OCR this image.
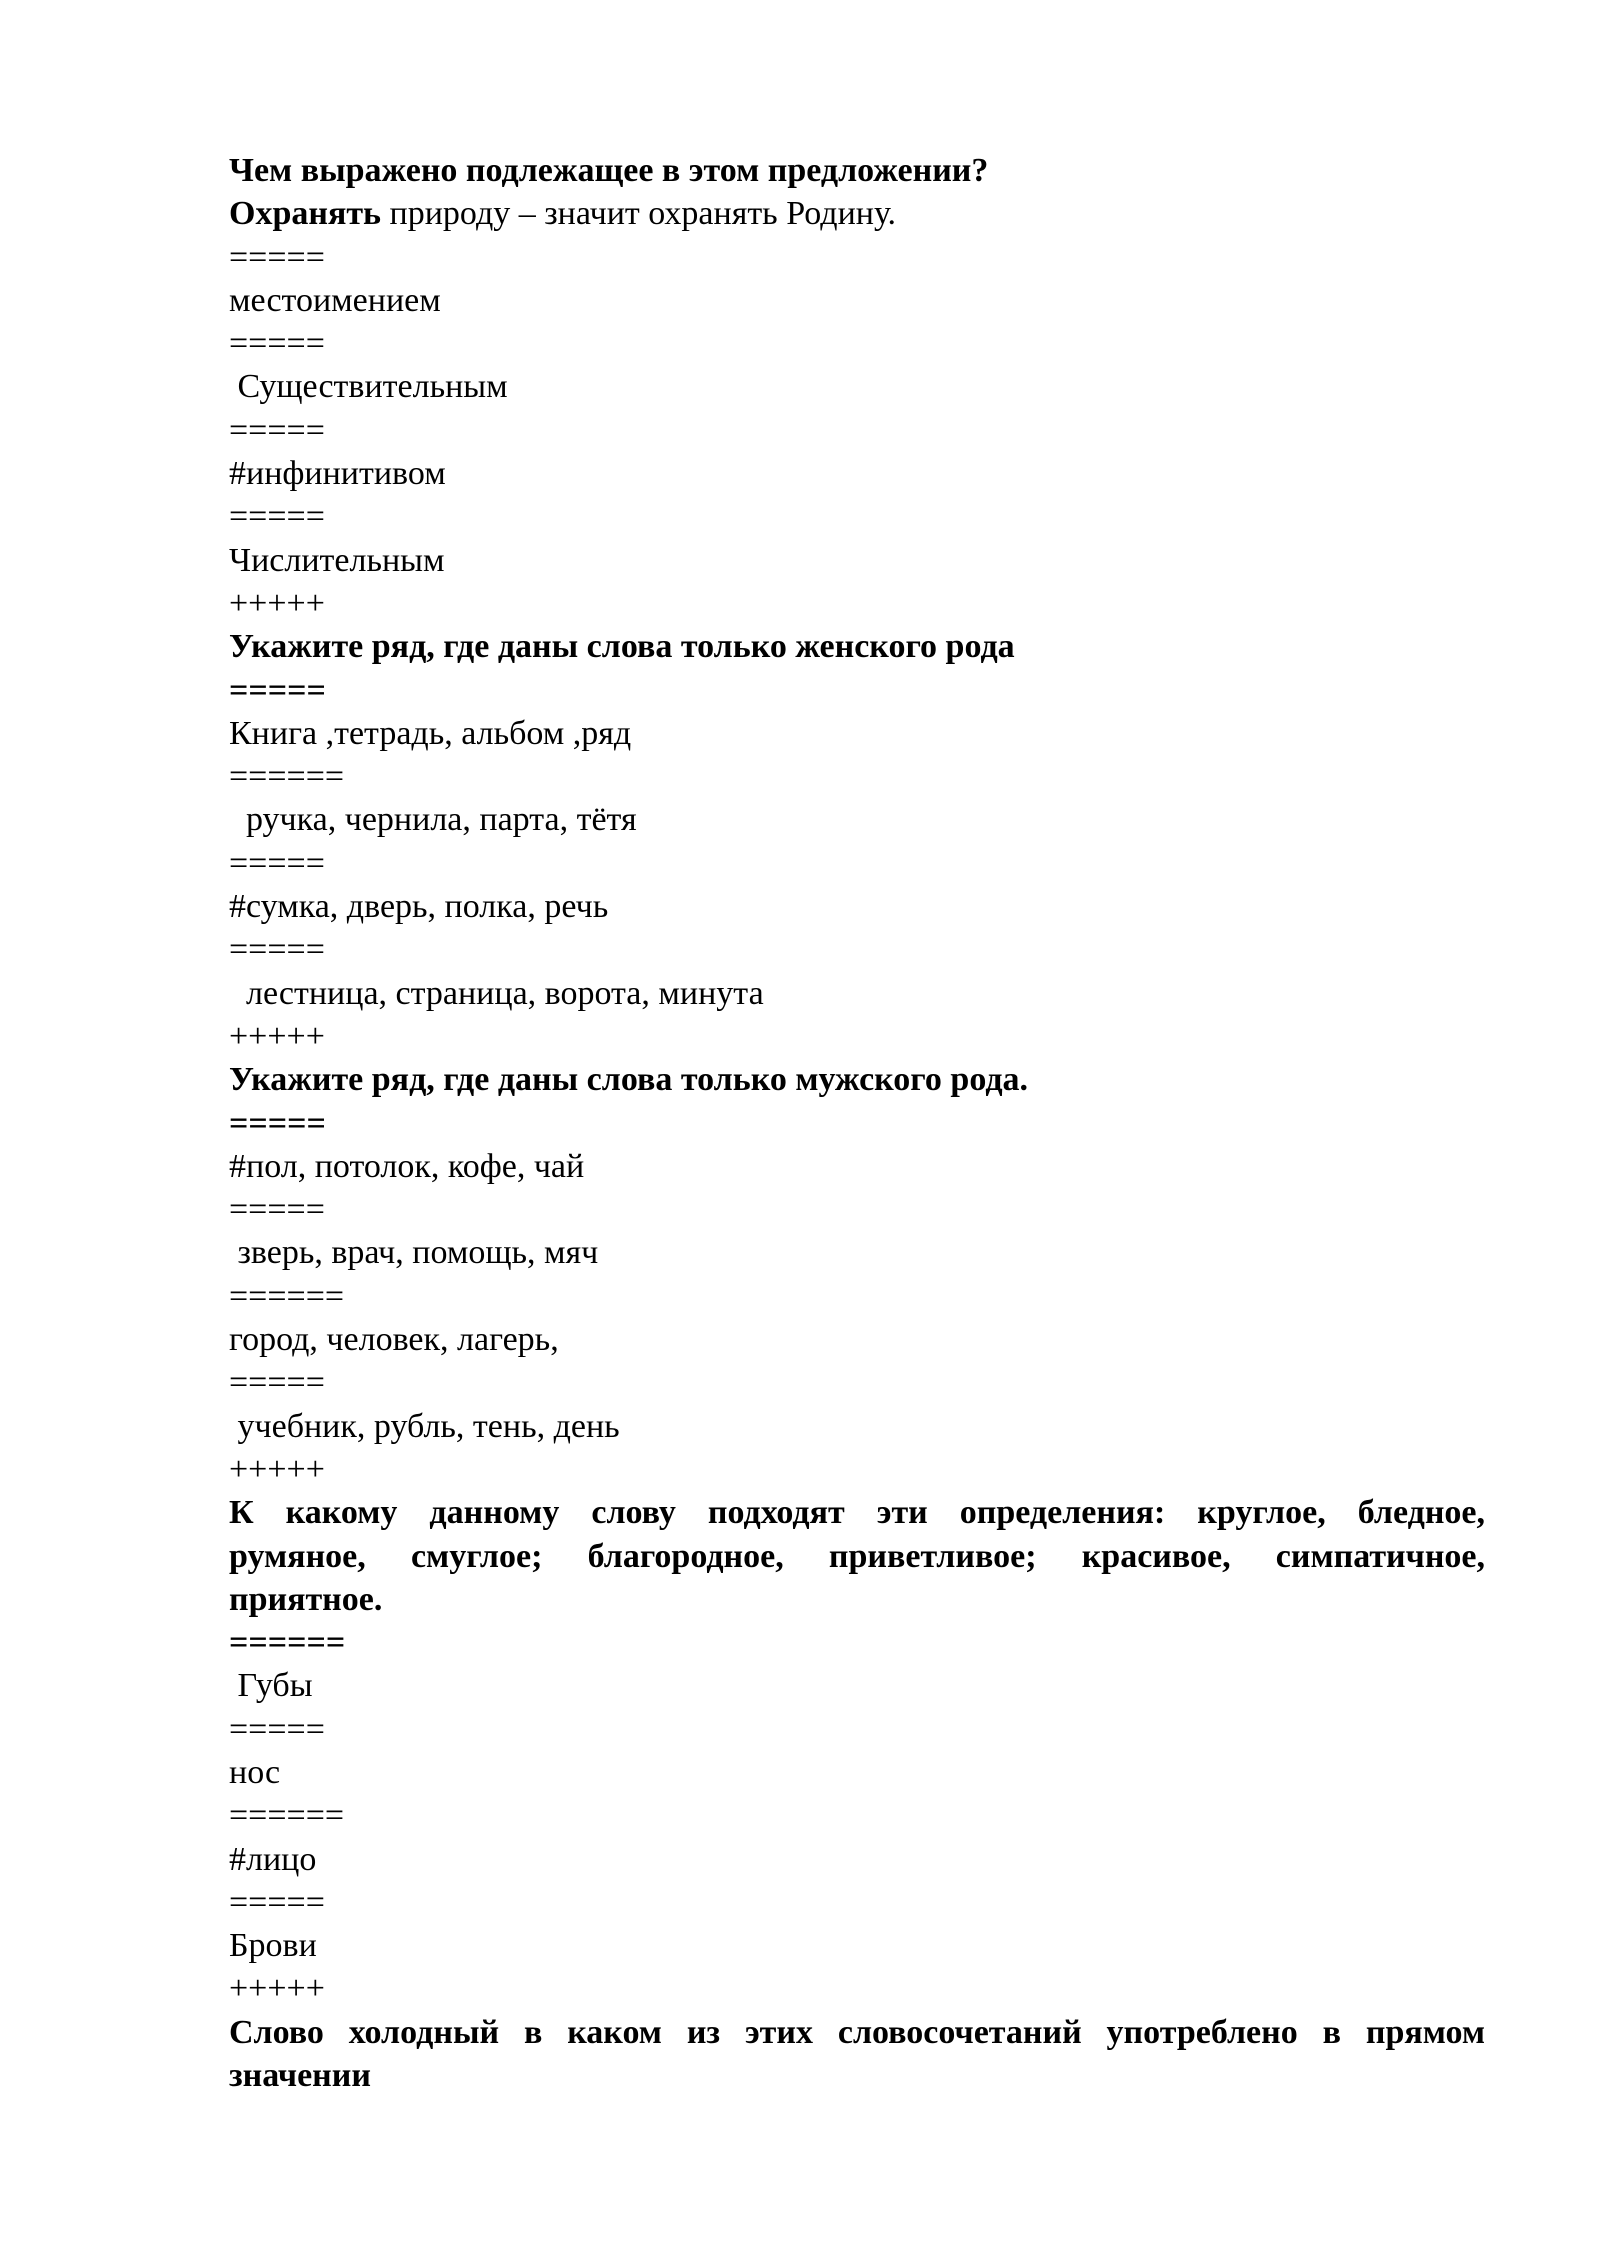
Чем выражено подлежащее в этом предложении?
Охранять природу – значит охранять Родину.
=====
местоимением
=====
Существительным
=====
#инфинитивом
=====
Числительным
+++++
Укажите ряд, где даны слова только женского рода
=====
Книга ,тетрадь, альбом ,ряд
======
ручка, чернила, парта, тётя
=====
#сумка, дверь, полка, речь
=====
лестница, страница, ворота, минута
+++++
Укажите ряд, где даны слова только мужского рода.
=====
#пол, потолок, кофе, чай
=====
зверь, врач, помощь, мяч
======
город, человек, лагерь,
=====
учебник, рубль, тень, день
+++++
К какому данному слову подходят эти определения: круглое, бледное,
румяное, смуглое; благородное, приветливое; красивое, симпатичное,
приятное.
======
Губы
=====
нос
======
#лицо
=====
Брови
+++++
Слово холодный в каком из этих словосочетаний употреблено в прямом
значении
